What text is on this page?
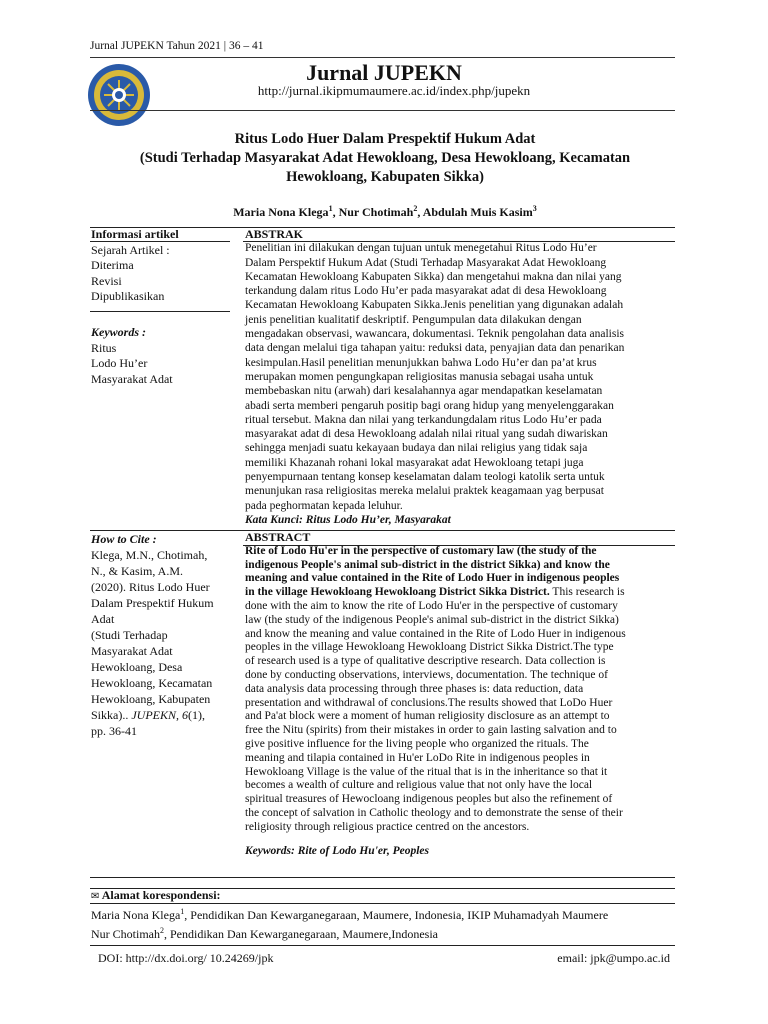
Jurnal JUPEKN Tahun 2021 | 36 – 41
Jurnal JUPEKN
http://jurnal.ikipmumaumere.ac.id/index.php/jupekn
Ritus Lodo Huer Dalam Prespektif Hukum Adat
(Studi Terhadap Masyarakat Adat Hewokloang, Desa Hewokloang, Kecamatan
Hewokloang, Kabupaten Sikka)
Maria Nona Klega$^1$, Nur Chotimah$^2$, Abdulah Muis Kasim$^3$
Informasi artikel
Sejarah Artikel :
Diterima
Revisi
Dipublikasikan
Keywords :
Ritus
Lodo Hu’er
Masyarakat Adat
ABSTRAK
Penelitian ini dilakukan dengan tujuan untuk menegetahui Ritus Lodo Hu’er
Dalam Perspektif Hukum Adat (Studi Terhadap Masyarakat Adat Hewokloang
Kecamatan Hewokloang Kabupaten Sikka) dan mengetahui makna dan nilai yang
terkandung dalam ritus Lodo Hu’er pada masyarakat adat di desa Hewokloang
Kecamatan Hewokloang Kabupaten Sikka.Jenis penelitian yang digunakan adalah
jenis penelitian kualitatif deskriptif. Pengumpulan data dilakukan dengan
mengadakan observasi, wawancara, dokumentasi. Teknik pengolahan data analisis
data dengan melalui tiga tahapan yaitu: reduksi data, penyajian data dan penarikan
kesimpulan.Hasil penelitian menunjukkan bahwa Lodo Hu’er dan pa’at krus
merupakan momen pengungkapan religiositas manusia sebagai usaha untuk
membebaskan nitu (arwah) dari kesalahannya agar mendapatkan keselamatan
abadi serta memberi pengaruh positip bagi orang hidup yang menyelenggarakan
ritual tersebut. Makna dan nilai yang terkandungdalam ritus Lodo Hu’er pada
masyarakat adat di desa Hewokloang adalah nilai ritual yang sudah diwariskan
sehingga menjadi suatu kekayaan budaya dan nilai religius yang tidak saja
memiliki Khazanah rohani lokal masyarakat adat Hewokloang tetapi juga
penyempurnaan tentang konsep keselamatan dalam teologi katolik serta untuk
menunjukan rasa religiositas mereka melalui praktek keagamaan yag berpusat
pada peghormatan kepada leluhur.
Kata Kunci: Ritus Lodo Hu’er, Masyarakat
How to Cite :
Klega, M.N., Chotimah,
N., & Kasim, A.M.
(2020). Ritus Lodo Huer
Dalam Prespektif Hukum
Adat
(Studi Terhadap
Masyarakat Adat
Hewokloang, Desa
Hewokloang, Kecamatan
Hewokloang, Kabupaten
Sikka).. JUPEKN, 6(1),
pp. 36-41
ABSTRACT
Rite of Lodo Hu'er in the perspective of customary law (the study of the
indigenous People's animal sub-district in the district Sikka) and know the
meaning and value contained in the Rite of Lodo Huer in indigenous peoples
in the village Hewokloang Hewokloang District Sikka District. This research is
done with the aim to know the rite of Lodo Hu'er in the perspective of customary
law (the study of the indigenous People's animal sub-district in the district Sikka)
and know the meaning and value contained in the Rite of Lodo Huer in indigenous
peoples in the village Hewokloang Hewokloang District Sikka District.The type
of research used is a type of qualitative descriptive research. Data collection is
done by conducting observations, interviews, documentation. The technique of
data analysis data processing through three phases is: data reduction, data
presentation and withdrawal of conclusions.The results showed that LoDo Huer
and Pa'at block were a moment of human religiosity disclosure as an attempt to
free the Nitu (spirits) from their mistakes in order to gain lasting salvation and to
give positive influence for the living people who organized the rituals. The
meaning and tilapia contained in Hu'er LoDo Rite in indigenous peoples in
Hewokloang Village is the value of the ritual that is in the inheritance so that it
becomes a wealth of culture and religious value that not only have the local
spiritual treasures of Hewocloang indigenous peoples but also the refinement of
the concept of salvation in Catholic theology and to demonstrate the sense of their
religiosity through religious practice centred on the ancestors.
Keywords: Rite of Lodo Hu'er, Peoples
✉ Alamat korespondensi:
Maria Nona Klega$^1$, Pendidikan Dan Kewarganegaraan, Maumere, Indonesia, IKIP Muhamadyah Maumere
Nur Chotimah$^2$, Pendidikan Dan Kewarganegaraan, Maumere,Indonesia
DOI: http://dx.doi.org/ 10.24269/jpk	email: jpk@umpo.ac.id
